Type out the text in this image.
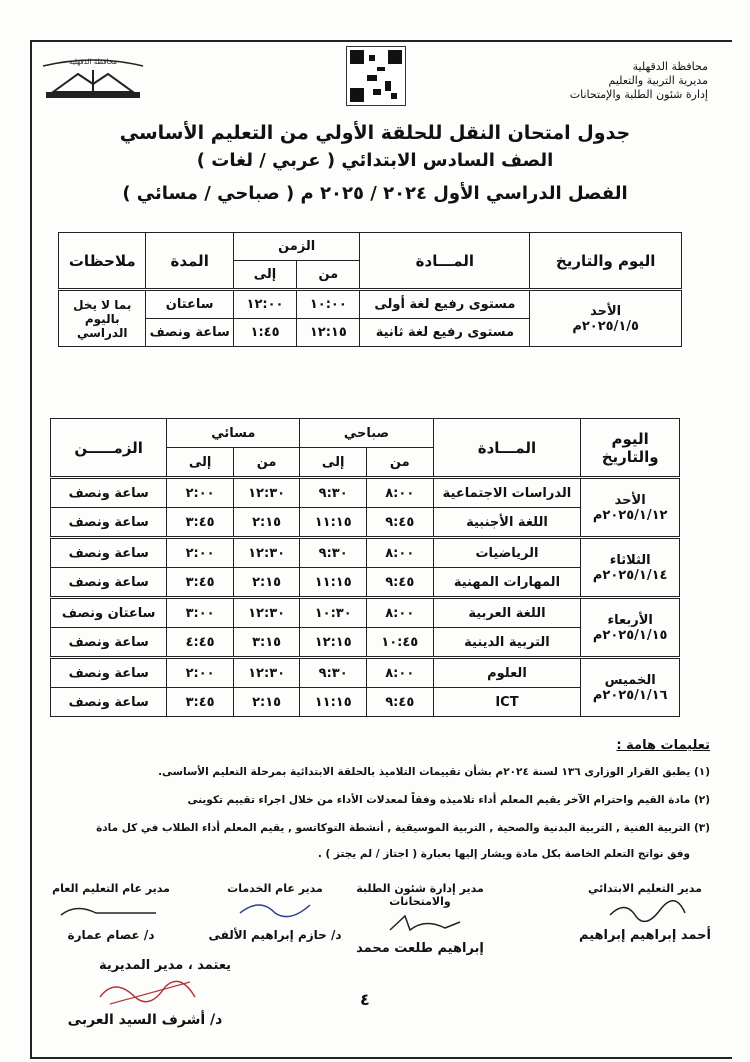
محافظة الدقهلية	محافظة الدقهلية
مديرية التربية والتعليم
إدارة شئون الطلبة والإمتحانات
جدول امتحان النقل للحلقة الأولي من التعليم الأساسي
الصف السادس الابتدائي ( عربي / لغات )
الفصل الدراسي الأول ٢٠٢٤ / ٢٠٢٥ م ( صباحي / مسائي )
اليوم والتاريخ	المـــادة	الزمن		المدة	ملاحظات
		من	إلى		

الأحد
٢٠٢٥/١/٥م	مستوى رفيع لغة أولى	١٠:٠٠	١٢:٠٠	ساعتان	بما لا يخل باليوم الدراسي
	مستوى رفيع لغة ثانية	١٢:١٥	١:٤٥	ساعة ونصف	
اليوم والتاريخ	المـــادة	صباحي		مسائي		الزمـــــن
		من	إلى	من	إلى	

الأحد
٢٠٢٥/١/١٢م	الدراسات الاجتماعية	٨:٠٠	٩:٣٠	١٢:٣٠	٢:٠٠	ساعة ونصف
	اللغة الأجنبية	٩:٤٥	١١:١٥	٢:١٥	٣:٤٥	ساعة ونصف

الثلاثاء
٢٠٢٥/١/١٤م	الرياضيات	٨:٠٠	٩:٣٠	١٢:٣٠	٢:٠٠	ساعة ونصف
	المهارات المهنية	٩:٤٥	١١:١٥	٢:١٥	٣:٤٥	ساعة ونصف

الأربعاء
٢٠٢٥/١/١٥م	اللغة العربية	٨:٠٠	١٠:٣٠	١٢:٣٠	٣:٠٠	ساعتان ونصف
	التربية الدينية	١٠:٤٥	١٢:١٥	٣:١٥	٤:٤٥	ساعة ونصف

الخميس
٢٠٢٥/١/١٦م	العلوم	٨:٠٠	٩:٣٠	١٢:٣٠	٢:٠٠	ساعة ونصف
	ICT	٩:٤٥	١١:١٥	٢:١٥	٣:٤٥	ساعة ونصف
تعليمات هامة :
(١) يطبق القرار الوزارى ١٣٦ لسنة ٢٠٢٤م بشأن تقييمات التلاميذ بالحلقة الابتدائية بمرحلة التعليم الأساسى.
(٢) مادة القيم واحترام الآخر يقيم المعلم أداء تلاميذه وفقاً لمعدلات الأداء من خلال اجراء تقييم تكوينى
(٣) التربية الفنية , التربية البدنية والصحية , التربية الموسيقية , أنشطة التوكاتسو , يقيم المعلم أداء الطلاب في كل مادة
وفق نواتج التعلم الخاصة بكل مادة ويشار إليها بعبارة ( اجتاز / لم يجتز ) .
مدير التعليم الابتدائي
أحمد إبراهيم إبراهيم
مدير إدارة شئون الطلبة والامتحانات
إبراهيم طلعت محمد
مدير عام الخدمات
د/ حازم إبراهيم الألفى
مدير عام التعليم العام
د/ عصام عمارة
يعتمد ، مدير المديرية
د/ أشرف السيد العربى
٤
